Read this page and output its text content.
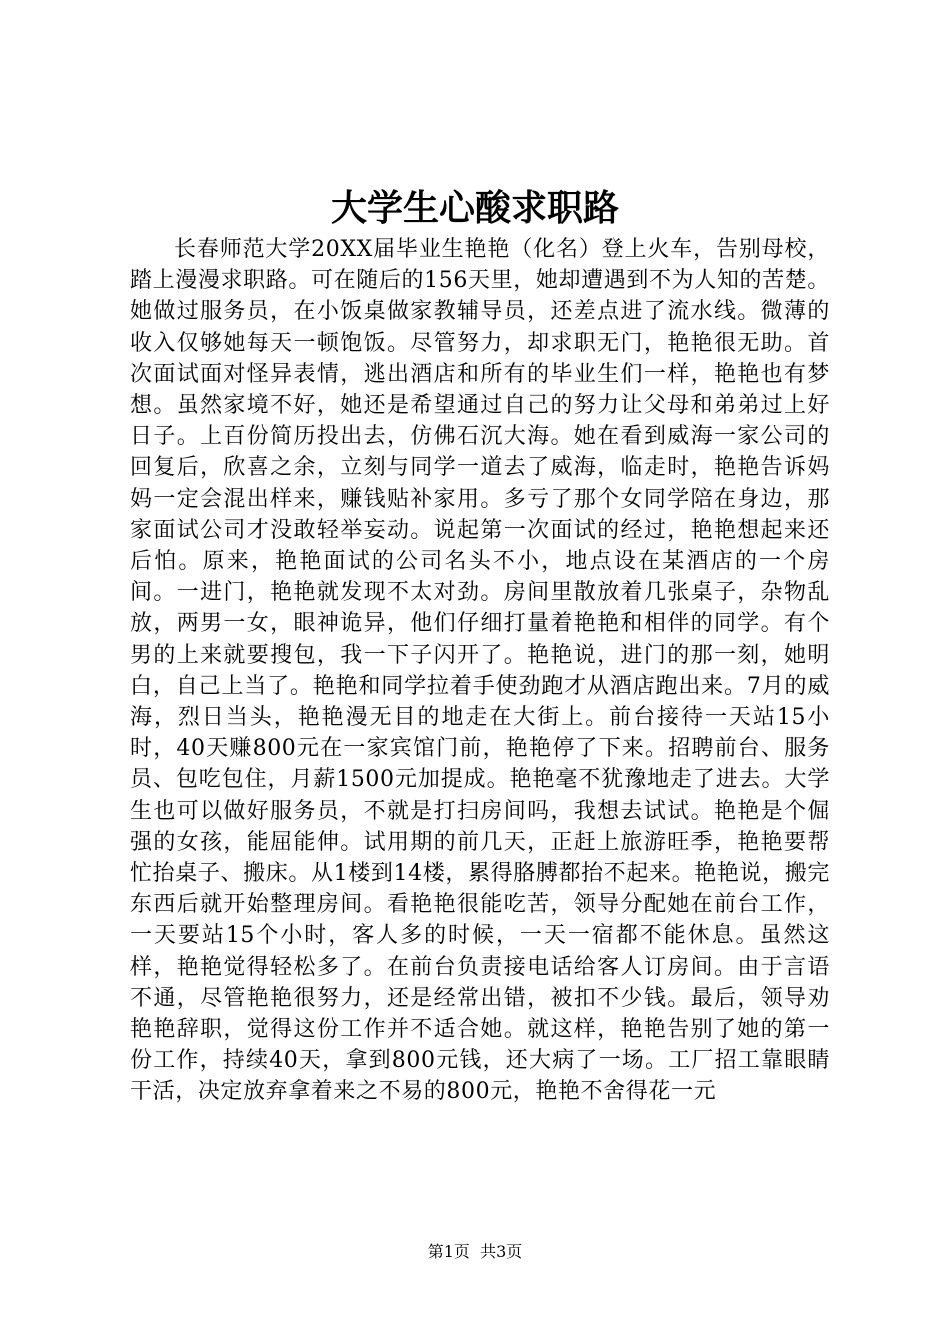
大学生心酸求职路

长春师范大学20XX届毕业生艳艳（化名）登上火车，告别母校，踏上漫漫求职路。可在随后的156天里，她却遭遇到不为人知的苦楚。她做过服务员，在小饭桌做家教辅导员，还差点进了流水线。微薄的收入仅够她每天一顿饱饭。尽管努力，却求职无门，艳艳很无助。首次面试面对怪异表情，逃出酒店和所有的毕业生们一样，艳艳也有梦想。虽然家境不好，她还是希望通过自己的努力让父母和弟弟过上好日子。上百份简历投出去，仿佛石沉大海。她在看到威海一家公司的回复后，欣喜之余，立刻与同学一道去了威海，临走时，艳艳告诉妈妈一定会混出样来，赚钱贴补家用。多亏了那个女同学陪在身边，那家面试公司才没敢轻举妄动。说起第一次面试的经过，艳艳想起来还后怕。原来，艳艳面试的公司名头不小，地点设在某酒店的一个房间。一进门，艳艳就发现不太对劲。房间里散放着几张桌子，杂物乱放，两男一女，眼神诡异，他们仔细打量着艳艳和相伴的同学。有个男的上来就要搜包，我一下子闪开了。艳艳说，进门的那一刻，她明白，自己上当了。艳艳和同学拉着手使劲跑才从酒店跑出来。7月的威海，烈日当头，艳艳漫无目的地走在大街上。前台接待一天站15小时，40天赚800元在一家宾馆门前，艳艳停了下来。招聘前台、服务员、包吃包住，月薪1500元加提成。艳艳毫不犹豫地走了进去。大学生也可以做好服务员，不就是打扫房间吗，我想去试试。艳艳是个倔强的女孩，能屈能伸。试用期的前几天，正赶上旅游旺季，艳艳要帮忙抬桌子、搬床。从1楼到14楼，累得胳膊都抬不起来。艳艳说，搬完东西后就开始整理房间。看艳艳很能吃苦，领导分配她在前台工作，一天要站15个小时，客人多的时候，一天一宿都不能休息。虽然这样，艳艳觉得轻松多了。在前台负责接电话给客人订房间。由于言语不通，尽管艳艳很努力，还是经常出错，被扣不少钱。最后，领导劝艳艳辞职，觉得这份工作并不适合她。就这样，艳艳告别了她的第一份工作，持续40天，拿到800元钱，还大病了一场。工厂招工靠眼睛干活，决定放弃拿着来之不易的800元，艳艳不舍得花一元

第1页 共3页
